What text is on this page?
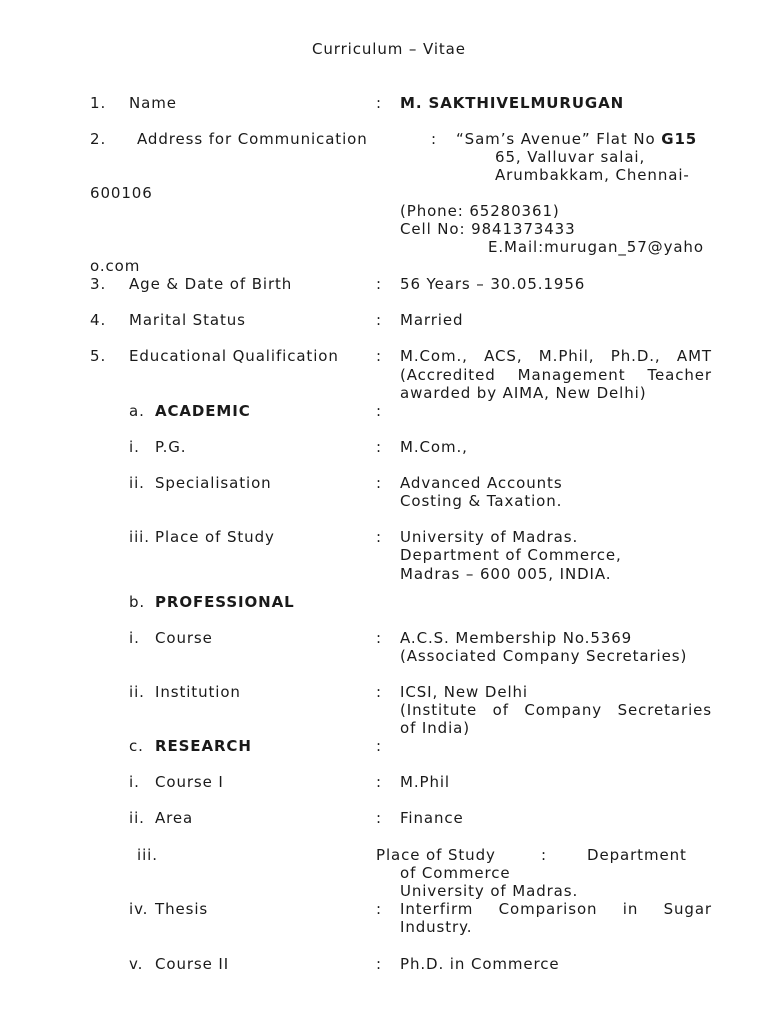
Curriculum – Vitae
1. Name	: M. SAKTHIVELMURUGAN
2. Address for Communication	: “Sam’s Avenue” Flat No G15
65, Valluvar salai,
Arumbakkam, Chennai-
600106
(Phone: 65280361)
Cell No: 9841373433
E.Mail:murugan_57@yaho
o.com
3. Age & Date of Birth	: 56 Years – 30.05.1956
4. Marital Status	: Married
5. Educational Qualification : M.Com., ACS, M.Phil, Ph.D., AMT
(Accredited Management Teacher
awarded by AIMA, New Delhi)
a. ACADEMIC	:
i. P.G.	: M.Com.,
ii. Specialisation	: Advanced Accounts
Costing & Taxation.
iii. Place of Study	: University of Madras.
Department of Commerce,
Madras – 600 005, INDIA.
b. PROFESSIONAL
i. Course	: A.C.S. Membership No.5369
(Associated Company Secretaries)
ii. Institution	: ICSI, New Delhi
(Institute of Company Secretaries
of India)
c. RESEARCH	:
i. Course I	: M.Phil
ii. Area	: Finance
iii.	Place of Study	:	Department
of Commerce
University of Madras.
iv. Thesis	: Interfirm Comparison in Sugar
Industry.
v. Course II	: Ph.D. in Commerce
